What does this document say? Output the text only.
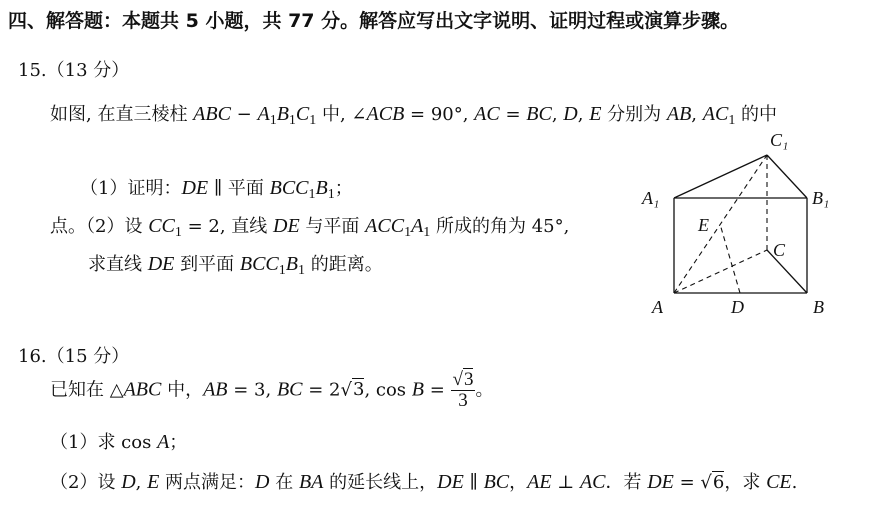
四、解答题：本题共 5 小题，共 77 分。解答应写出文字说明、证明过程或演算步骤。
15.（13 分）
如图, 在直三棱柱 ABC − $A_1B_1C_1$ 中, ∠ACB = 90°, AC = BC, D, E 分别为 AB, $AC_1$ 的中
（1）证明：DE ∥ 平面 $BCC_1B_1$；
点。（2）设 $CC_1 = 2$, 直线 DE 与平面 $ACC_1A_1$ 所成的角为 45°,
求直线 DE 到平面 $BCC_1B_1$ 的距离。
C₁
A₁	B₁
E
C
A	D	B
16.（15 分）
已知在 △ABC 中，AB = 3, BC = 2√3, $\cos B = \frac{√3}{3}$ 。
（1）求 cos A；
（2）设 D, E 两点满足：D 在 BA 的延长线上，DE ∥ BC，AE ⊥ AC．若 DE = √6，求 CE.
